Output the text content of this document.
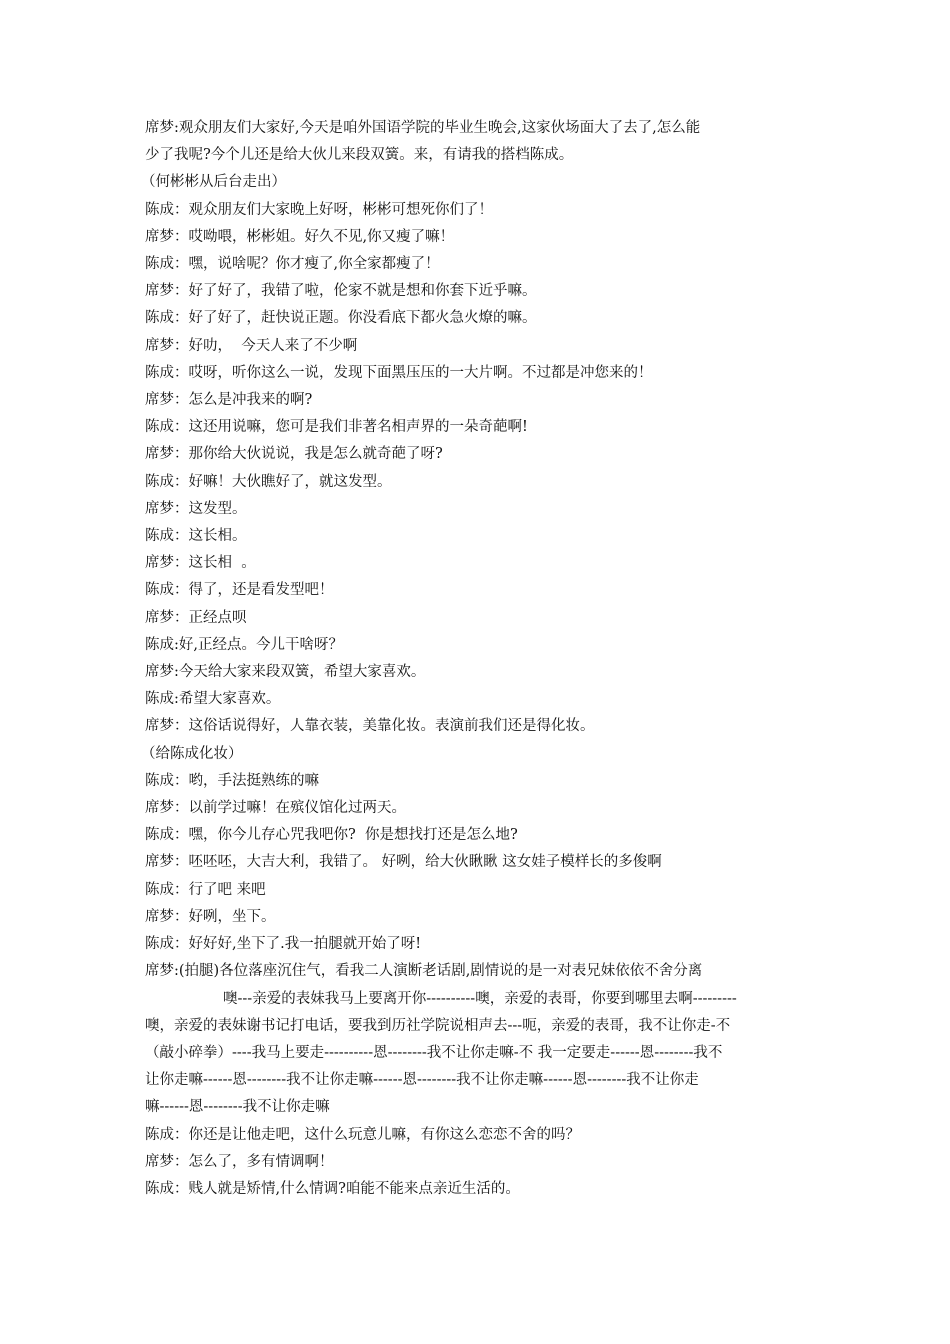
席梦:观众朋友们大家好,今天是咱外国语学院的毕业生晚会,这家伙场面大了去了,怎么能
少了我呢?今个儿还是给大伙儿来段双簧。来，有请我的搭档陈成。
（何彬彬从后台走出）
陈成：观众朋友们大家晚上好呀，彬彬可想死你们了！
席梦：哎呦喂，彬彬姐。好久不见,你又瘦了嘛！
陈成：嘿，说啥呢？你才瘦了,你全家都瘦了！
席梦：好了好了，我错了啦，伦家不就是想和你套下近乎嘛。
陈成：好了好了，赶快说正题。你没看底下都火急火燎的嘛。
席梦：好叻，  今天人来了不少啊
陈成：哎呀，听你这么一说，发现下面黑压压的一大片啊。不过都是冲您来的！
席梦：怎么是冲我来的啊?
陈成：这还用说嘛，您可是我们非著名相声界的一朵奇葩啊!
席梦：那你给大伙说说，我是怎么就奇葩了呀?
陈成：好嘛！大伙瞧好了，就这发型。
席梦：这发型。
陈成：这长相。
席梦：这长相  。
陈成：得了，还是看发型吧！
席梦：正经点呗
陈成:好,正经点。今儿干啥呀？
席梦:今天给大家来段双簧，希望大家喜欢。
陈成:希望大家喜欢。
席梦：这俗话说得好，人靠衣装，美靠化妆。表演前我们还是得化妆。
（给陈成化妆）
陈成：哟，手法挺熟练的嘛
席梦：以前学过嘛！在殡仪馆化过两天。
陈成：嘿，你今儿存心咒我吧你?  你是想找打还是怎么地?
席梦：呸呸呸，大吉大利，我错了。 好咧，给大伙瞅瞅 这女娃子模样长的多俊啊
陈成：行了吧 来吧
席梦：好咧，坐下。
陈成：好好好,坐下了.我一拍腿就开始了呀!
席梦:(拍腿)各位落座沉住气，看我二人演断老话剧,剧情说的是一对表兄妹依依不舍分离
噢---亲爱的表妹我马上要离开你----------噢，亲爱的表哥，你要到哪里去啊---------
噢，亲爱的表妹谢书记打电话，要我到历社学院说相声去---呃，亲爱的表哥，我不让你走-不
（敲小碎拳）----我马上要走----------恩--------我不让你走嘛-不 我一定要走------恩--------我不
让你走嘛------恩--------我不让你走嘛------恩--------我不让你走嘛------恩--------我不让你走
嘛------恩--------我不让你走嘛
陈成：你还是让他走吧，这什么玩意儿嘛，有你这么恋恋不舍的吗？
席梦：怎么了，多有情调啊！
陈成：贱人就是矫情,什么情调?咱能不能来点亲近生活的。
